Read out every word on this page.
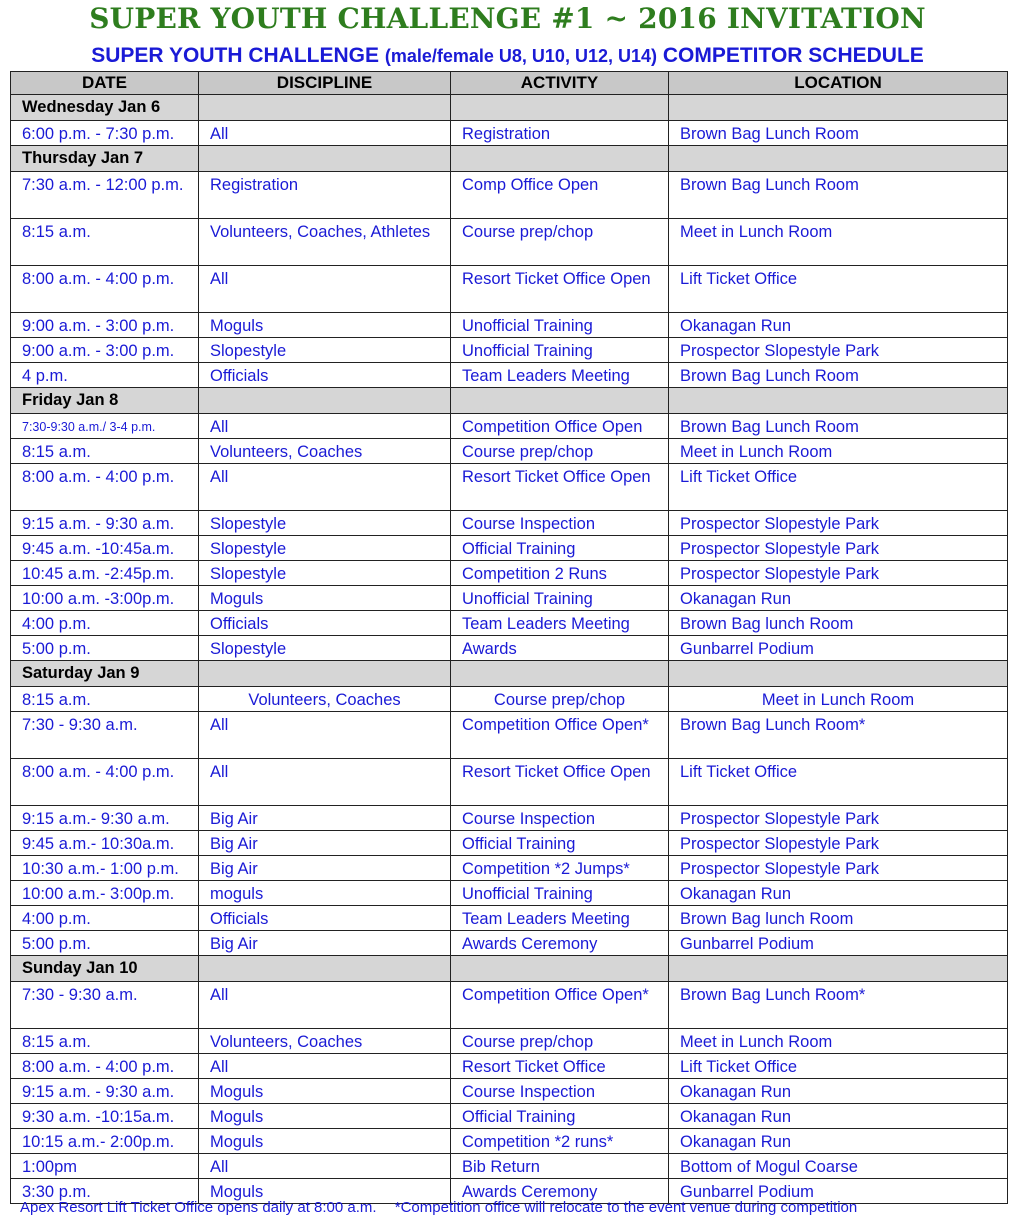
SUPER YOUTH CHALLENGE #1 ~ 2016 INVITATION
SUPER YOUTH CHALLENGE (male/female U8, U10, U12, U14) COMPETITOR SCHEDULE
DATE	DISCIPLINE	ACTIVITY	LOCATION
Wednesday Jan 6			
6:00 p.m. - 7:30 p.m.	All	Registration	Brown Bag Lunch Room
Thursday Jan 7			
7:30 a.m. - 12:00 p.m.	Registration	Comp Office Open	Brown Bag Lunch Room
8:15 a.m.	Volunteers, Coaches, Athletes	Course prep/chop	Meet in Lunch Room
8:00 a.m. - 4:00 p.m.	All	Resort Ticket Office Open	Lift Ticket Office
9:00 a.m. - 3:00 p.m.	Moguls	Unofficial Training	Okanagan Run
9:00 a.m. - 3:00 p.m.	Slopestyle	Unofficial Training	Prospector Slopestyle Park
4 p.m.	Officials	Team Leaders Meeting	Brown Bag Lunch Room
Friday Jan 8			
7:30-9:30 a.m./ 3-4 p.m.	All	Competition Office Open	Brown Bag Lunch Room
8:15 a.m.	Volunteers, Coaches	Course prep/chop	Meet in Lunch Room
8:00 a.m. - 4:00 p.m.	All	Resort Ticket Office Open	Lift Ticket Office
9:15 a.m. - 9:30 a.m.	Slopestyle	Course Inspection	Prospector Slopestyle Park
9:45 a.m. -10:45a.m.	Slopestyle	Official Training	Prospector Slopestyle Park
10:45 a.m. -2:45p.m.	Slopestyle	Competition 2 Runs	Prospector Slopestyle Park
10:00 a.m. -3:00p.m.	Moguls	Unofficial Training	Okanagan Run
4:00 p.m.	Officials	Team Leaders Meeting	Brown Bag lunch Room
5:00 p.m.	Slopestyle	Awards	Gunbarrel Podium
Saturday Jan 9			
8:15 a.m.	Volunteers, Coaches	Course prep/chop	Meet in Lunch Room
7:30 - 9:30 a.m.	All	Competition Office Open*	Brown Bag Lunch Room*
8:00 a.m. - 4:00 p.m.	All	Resort Ticket Office Open	Lift Ticket Office
9:15 a.m.- 9:30 a.m.	Big Air	Course Inspection	Prospector Slopestyle Park
9:45 a.m.- 10:30a.m.	Big Air	Official Training	Prospector Slopestyle Park
10:30 a.m.- 1:00 p.m.	Big Air	Competition *2 Jumps*	Prospector Slopestyle Park
10:00 a.m.- 3:00p.m.	moguls	Unofficial Training	Okanagan Run
4:00 p.m.	Officials	Team Leaders Meeting	Brown Bag lunch Room
5:00 p.m.	Big Air	Awards Ceremony	Gunbarrel Podium
Sunday Jan 10			
7:30 - 9:30 a.m.	All	Competition Office Open*	Brown Bag Lunch Room*
8:15 a.m.	Volunteers, Coaches	Course prep/chop	Meet in Lunch Room
8:00 a.m. - 4:00 p.m.	All	Resort Ticket Office	Lift Ticket Office
9:15 a.m. - 9:30 a.m.	Moguls	Course Inspection	Okanagan Run
9:30 a.m. -10:15a.m.	Moguls	Official Training	Okanagan Run
10:15 a.m.- 2:00p.m.	Moguls	Competition *2 runs*	Okanagan Run
1:00pm	All	Bib Return	Bottom of Mogul Coarse
3:30 p.m.	Moguls	Awards Ceremony	Gunbarrel Podium
Apex Resort Lift Ticket Office opens daily at 8:00 a.m. *Competition office will relocate to the event venue during competition
